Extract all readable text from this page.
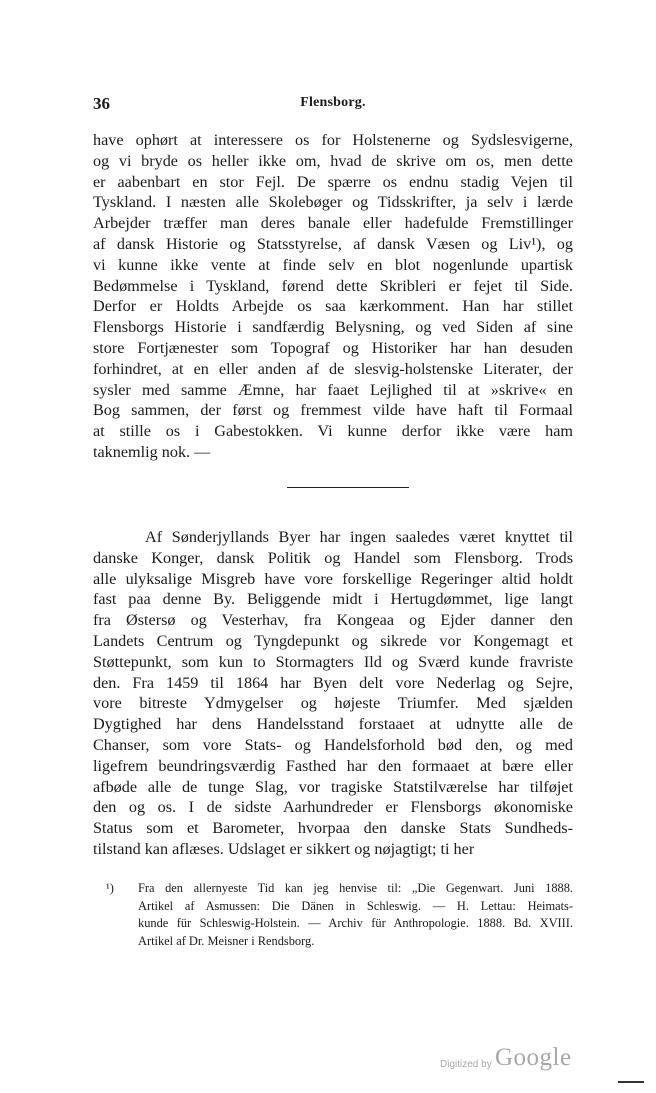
36	Flensborg.
have ophørt at interessere os for Holstenerne og Sydslesvigerne,
og vi bryde os heller ikke om, hvad de skrive om os, men dette
er aabenbart en stor Fejl. De spærre os endnu stadig Vejen til
Tyskland. I næsten alle Skolebøger og Tidsskrifter, ja selv i lærde
Arbejder træffer man deres banale eller hadefulde Fremstillinger
af dansk Historie og Statsstyrelse, af dansk Væsen og Liv¹), og
vi kunne ikke vente at finde selv en blot nogenlunde upartisk
Bedømmelse i Tyskland, førend dette Skribleri er fejet til Side.
Derfor er Holdts Arbejde os saa kærkomment. Han har stillet
Flensborgs Historie i sandfærdig Belysning, og ved Siden af sine
store Fortjænester som Topograf og Historiker har han desuden
forhindret, at en eller anden af de slesvig-holstenske Literater, der
sysler med samme Æmne, har faaet Lejlighed til at »skrive« en
Bog sammen, der først og fremmest vilde have haft til Formaal
at stille os i Gabestokken. Vi kunne derfor ikke være ham
taknemlig nok. —
Af Sønderjyllands Byer har ingen saaledes været knyttet til
danske Konger, dansk Politik og Handel som Flensborg. Trods
alle ulyksalige Misgreb have vore forskellige Regeringer altid holdt
fast paa denne By. Beliggende midt i Hertugdømmet, lige langt
fra Østersø og Vesterhav, fra Kongeaa og Ejder danner den
Landets Centrum og Tyngdepunkt og sikrede vor Kongemagt et
Støttepunkt, som kun to Stormagters Ild og Sværd kunde fravriste
den. Fra 1459 til 1864 har Byen delt vore Nederlag og Sejre,
vore bitreste Ydmygelser og højeste Triumfer. Med sjælden
Dygtighed har dens Handelsstand forstaaet at udnytte alle de
Chanser, som vore Stats- og Handelsforhold bød den, og med
ligefrem beundringsværdig Fasthed har den formaaet at bære eller
afbøde alle de tunge Slag, vor tragiske Statstilværelse har tilføjet
den og os. I de sidste Aarhundreder er Flensborgs økonomiske
Status som et Barometer, hvorpaa den danske Stats Sundheds-
tilstand kan aflæses. Udslaget er sikkert og nøjagtigt; ti her
¹) Fra den allernyeste Tid kan jeg henvise til: „Die Gegenwart. Juni 1888.
Artikel af Asmussen: Die Dänen in Schleswig. — H. Lettau: Heimats-
kunde für Schleswig-Holstein. — Archiv für Anthropologie. 1888. Bd. XVIII.
Artikel af Dr. Meisner i Rendsborg.
Digitized by Google
